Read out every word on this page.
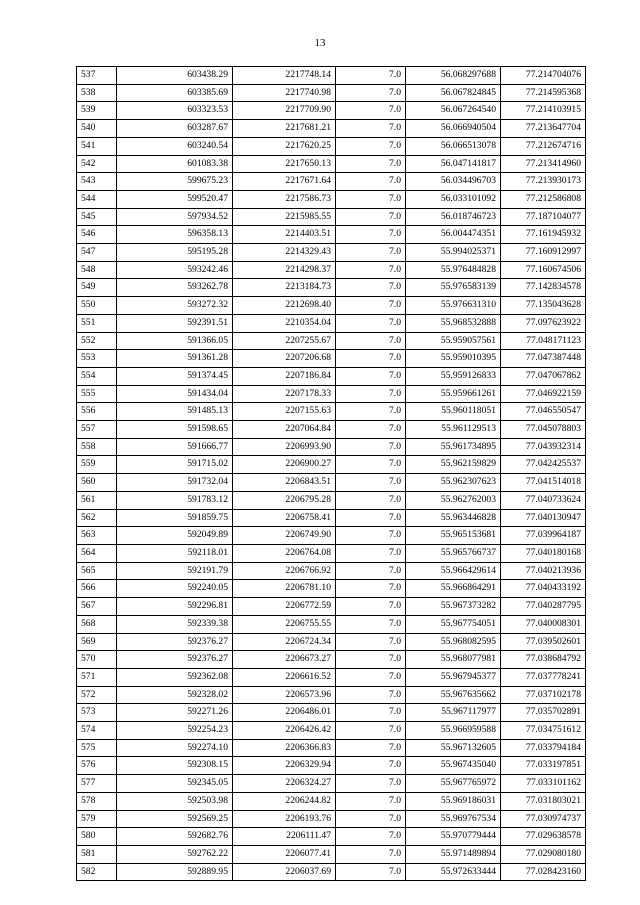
13
537	603438.29	2217748.14	7.0	56.068297688	77.214704076
538	603385.69	2217740.98	7.0	56.067824845	77.214595368
539	603323.53	2217709.90	7.0	56.067264540	77.214103915
540	603287.67	2217681.21	7.0	56.066940504	77.213647704
541	603240.54	2217620.25	7.0	56.066513078	77.212674716
542	601083.38	2217650.13	7.0	56.047141817	77.213414960
543	599675.23	2217671.64	7.0	56.034496703	77.213930173
544	599520.47	2217586.73	7.0	56.033101092	77.212586808
545	597934.52	2215985.55	7.0	56.018746723	77.187104077
546	596358.13	2214403.51	7.0	56.004474351	77.161945932
547	595195.28	2214329.43	7.0	55.994025371	77.160912997
548	593242.46	2214298.37	7.0	55.976484828	77.160674506
549	593262.78	2213184.73	7.0	55.976583139	77.142834578
550	593272.32	2212698.40	7.0	55.976631310	77.135043628
551	592391.51	2210354.04	7.0	55.968532888	77.097623922
552	591366.05	2207255.67	7.0	55.959057561	77.048171123
553	591361.28	2207206.68	7.0	55.959010395	77.047387448
554	591374.45	2207186.84	7.0	55.959126833	77.047067862
555	591434.04	2207178.33	7.0	55.959661261	77.046922159
556	591485.13	2207155.63	7.0	55.960118051	77.046550547
557	591598.65	2207064.84	7.0	55.961129513	77.045078803
558	591666.77	2206993.90	7.0	55.961734895	77.043932314
559	591715.02	2206900.27	7.0	55.962159829	77.042425537
560	591732.04	2206843.51	7.0	55.962307623	77.041514018
561	591783.12	2206795.28	7.0	55.962762003	77.040733624
562	591859.75	2206758.41	7.0	55.963446828	77.040130947
563	592049.89	2206749.90	7.0	55.965153681	77.039964187
564	592118.01	2206764.08	7.0	55.965766737	77.040180168
565	592191.79	2206766.92	7.0	55.966429614	77.040213936
566	592240.05	2206781.10	7.0	55.966864291	77.040433192
567	592296.81	2206772.59	7.0	55.967373282	77.040287795
568	592339.38	2206755.55	7.0	55.967754051	77.040008301
569	592376.27	2206724.34	7.0	55.968082595	77.039502601
570	592376.27	2206673.27	7.0	55.968077981	77.038684792
571	592362.08	2206616.52	7.0	55.967945377	77.037778241
572	592328.02	2206573.96	7.0	55.967635662	77.037102178
573	592271.26	2206486.01	7.0	55.967117977	77.035702891
574	592254.23	2206426.42	7.0	55.966959588	77.034751612
575	592274.10	2206366.83	7.0	55.967132605	77.033794184
576	592308.15	2206329.94	7.0	55.967435040	77.033197851
577	592345.05	2206324.27	7.0	55.967765972	77.033101162
578	592503.98	2206244.82	7.0	55.969186031	77.031803021
579	592569.25	2206193.76	7.0	55.969767534	77.030974737
580	592682.76	2206111.47	7.0	55.970779444	77.029638578
581	592762.22	2206077.41	7.0	55.971489894	77.029080180
582	592889.95	2206037.69	7.0	55.972633444	77.028423160
